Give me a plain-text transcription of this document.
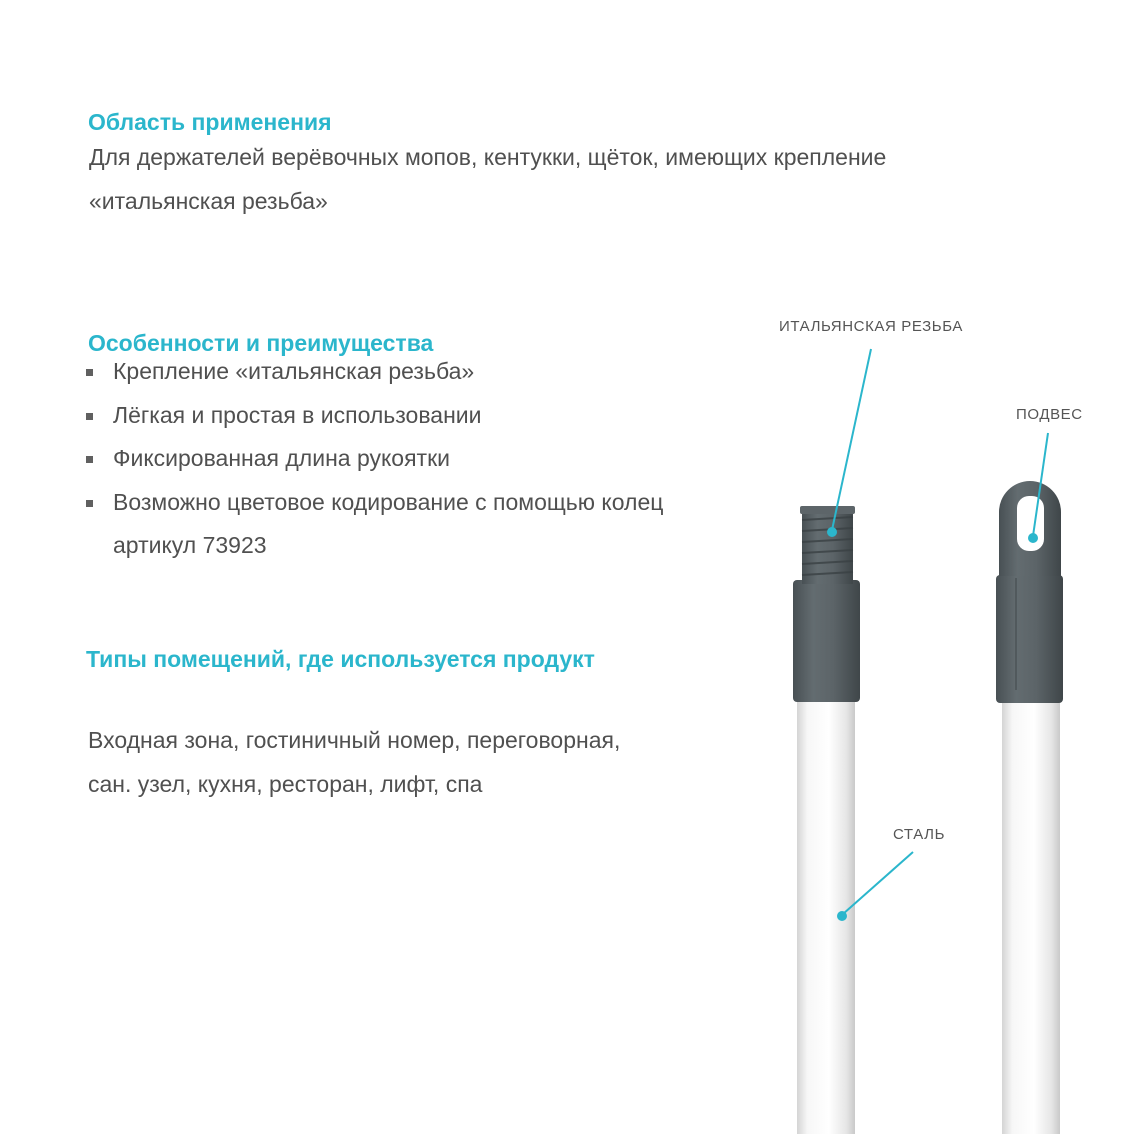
Область применения

Для держателей верёвочных мопов, кентукки, щёток, имеющих крепление «итальянская резьба»

Особенности и преимущества
Крепление «итальянская резьба»
Лёгкая и простая в использовании
Фиксированная длина рукоятки
Возможно цветовое кодирование с помощью колец артикул 73923
Типы помещений, где используется продукт

Входная зона, гостиничный номер, переговорная, сан. узел, кухня, ресторан, лифт, спа

ИТАЛЬЯНСКАЯ РЕЗЬБА

ПОДВЕС

СТАЛЬ
